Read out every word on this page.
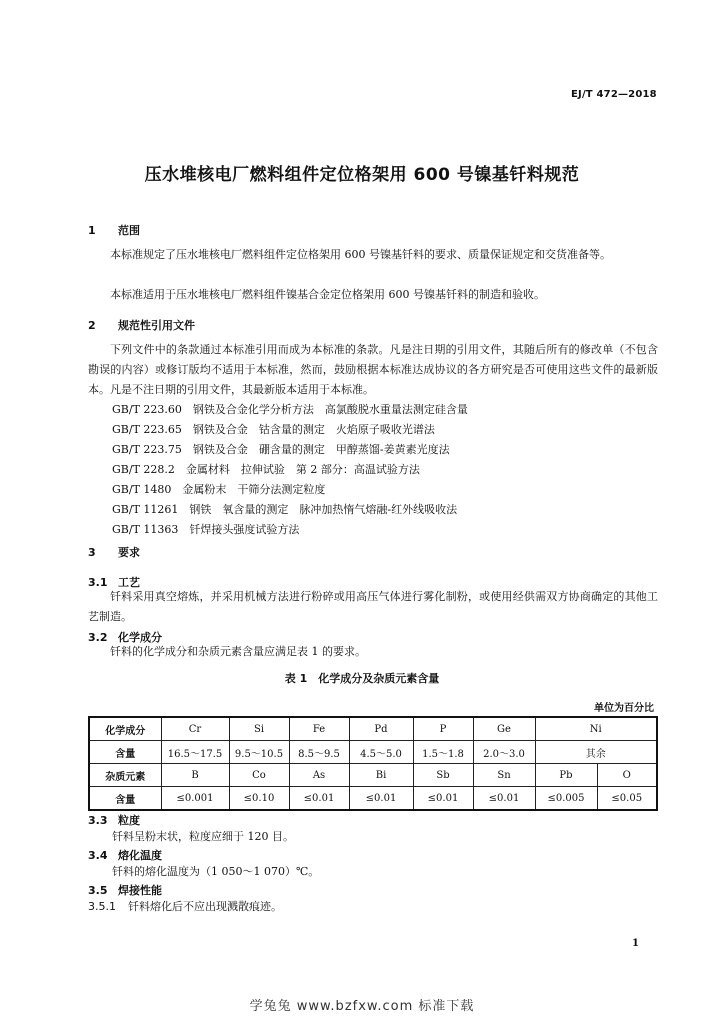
EJ/T 472—2018
压水堆核电厂燃料组件定位格架用 600 号镍基钎料规范
1 范围
本标准规定了压水堆核电厂燃料组件定位格架用 600 号镍基钎料的要求、质量保证规定和交货准备等。
本标准适用于压水堆核电厂燃料组件镍基合金定位格架用 600 号镍基钎料的制造和验收。
2 规范性引用文件
下列文件中的条款通过本标准引用而成为本标准的条款。凡是注日期的引用文件，其随后所有的修改单（不包含勘误的内容）或修订版均不适用于本标准，然而，鼓励根据本标准达成协议的各方研究是否可使用这些文件的最新版本。凡是不注日期的引用文件，其最新版本适用于本标准。
GB/T 223.60　钢铁及合金化学分析方法　高氯酸脱水重量法测定硅含量
GB/T 223.65　钢铁及合金　钴含量的测定　火焰原子吸收光谱法
GB/T 223.75　钢铁及合金　硼含量的测定　甲醇蒸馏-姜黄素光度法
GB/T 228.2　金属材料　拉伸试验　第 2 部分：高温试验方法
GB/T 1480　金属粉末　干筛分法测定粒度
GB/T 11261　钢铁　氧含量的测定　脉冲加热惰气熔融-红外线吸收法
GB/T 11363　钎焊接头强度试验方法
3 要求
3.1 工艺
钎料采用真空熔炼，并采用机械方法进行粉碎或用高压气体进行雾化制粉，或使用经供需双方协商确定的其他工艺制造。
3.2 化学成分
钎料的化学成分和杂质元素含量应满足表 1 的要求。
表 1　化学成分及杂质元素含量
单位为百分比
化学成分	Cr	Si	Fe	Pd	P	Ge	Ni	
含量	16.5～17.5	9.5～10.5	8.5～9.5	4.5～5.0	1.5～1.8	2.0～3.0	其余	
杂质元素	B	Co	As	Bi	Sb	Sn	Pb	O
含量	≤0.001	≤0.10	≤0.01	≤0.01	≤0.01	≤0.01	≤0.005	≤0.05
3.3 粒度
钎料呈粉末状，粒度应细于 120 目。
3.4 熔化温度
钎料的熔化温度为（1 050～1 070）℃。
3.5 焊接性能
3.5.1 钎料熔化后不应出现溅散痕迹。
1
学兔兔 www.bzfxw.com 标准下载
